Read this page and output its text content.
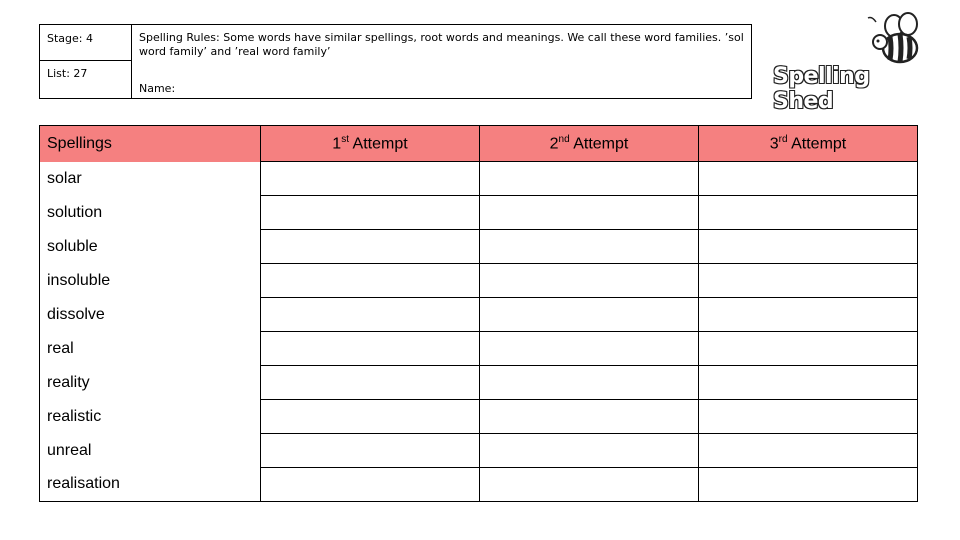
Stage: 4
List: 27
Spelling Rules: Some words have similar spellings, root words and meanings. We call these word families. ’sol word family’ and ’real word family’
Name:	Spelling Shed
Spellings	1st Attempt	2nd Attempt	3rd Attempt
solar			
solution			
soluble			
insoluble			
dissolve			
real			
reality			
realistic			
unreal			
realisation			
